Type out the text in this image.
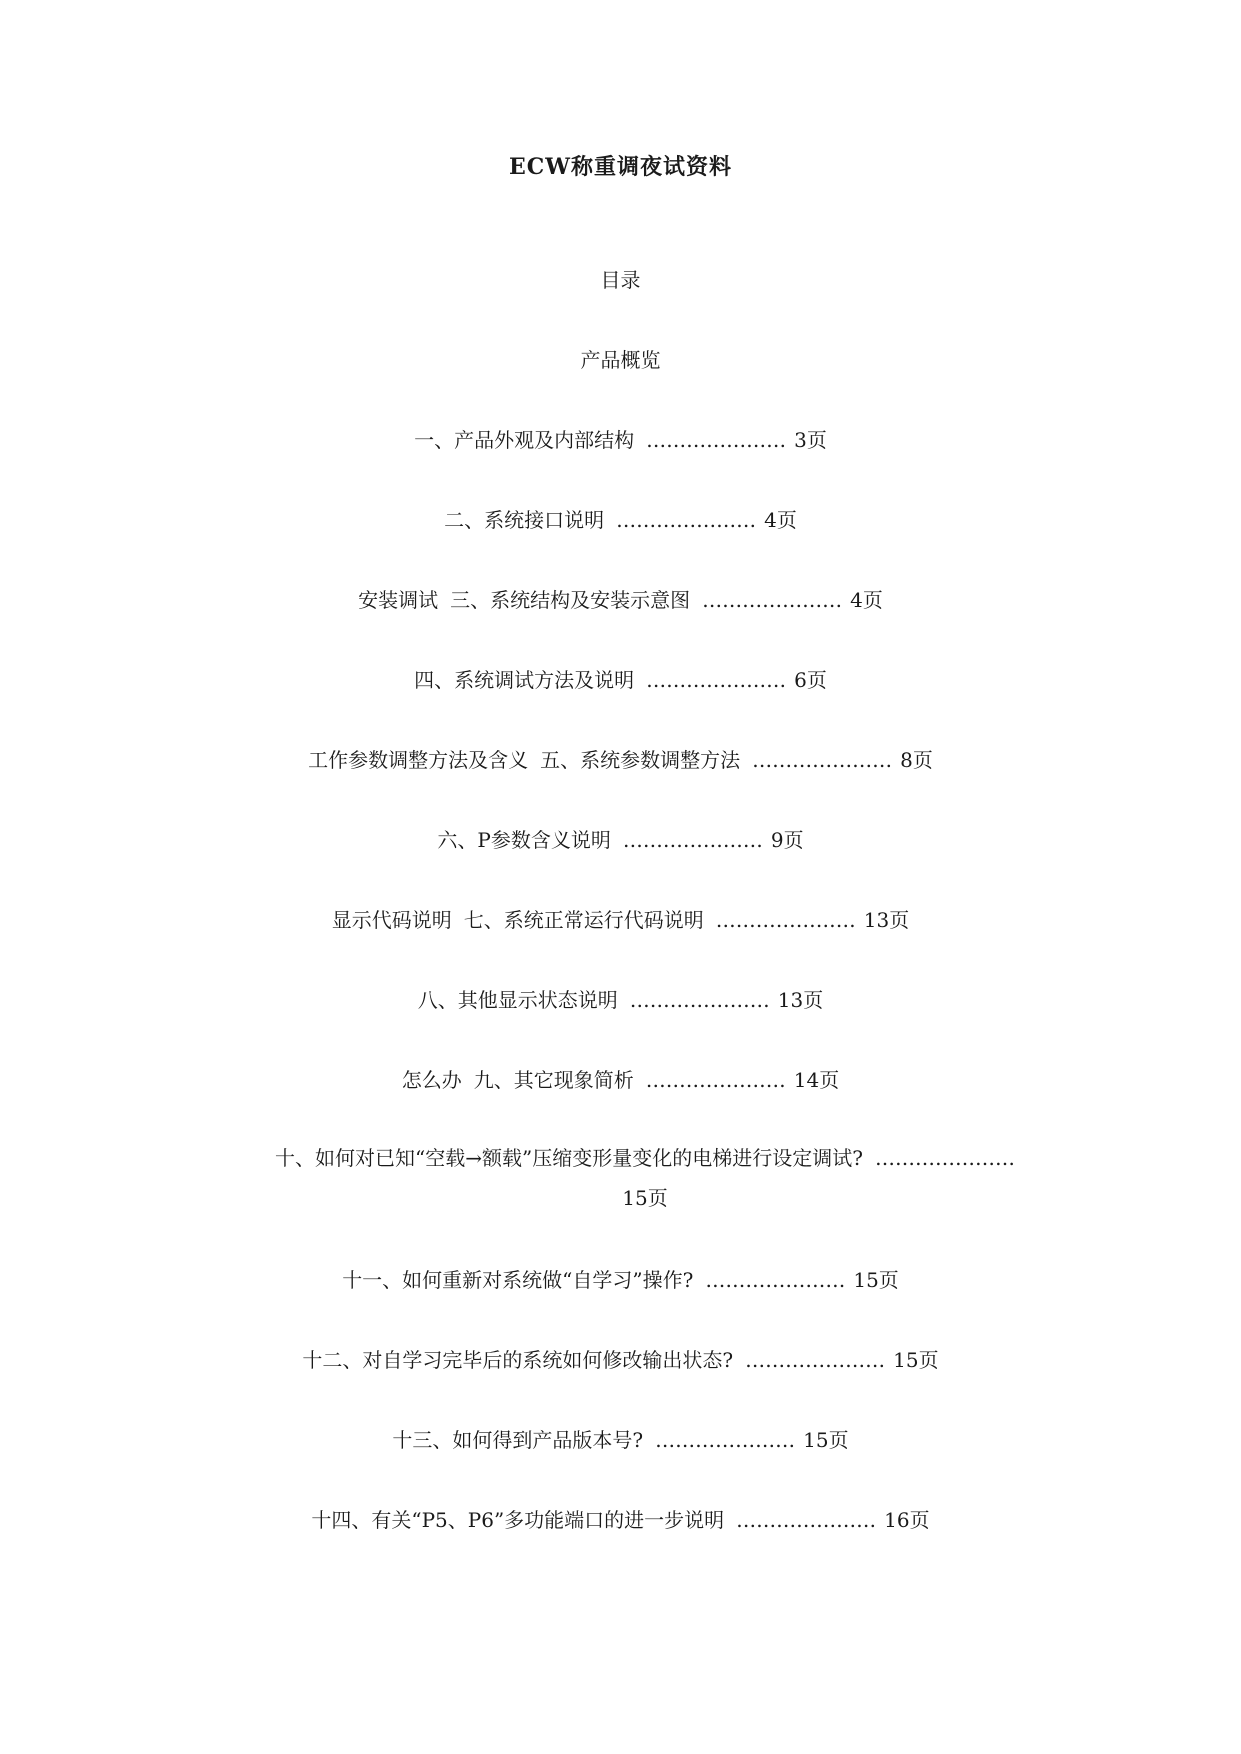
ECW称重调夜试资料
目录
产品概览
一、产品外观及内部结构 ………………… 3页
二、系统接口说明 ………………… 4页
安装调试 三、系统结构及安装示意图 ………………… 4页
四、系统调试方法及说明 ………………… 6页
工作参数调整方法及含义 五、系统参数调整方法 ………………… 8页
六、P参数含义说明 ………………… 9页
显示代码说明 七、系统正常运行代码说明 ………………… 13页
八、其他显示状态说明 ………………… 13页
怎么办 九、其它现象简析 ………………… 14页
十、如何对已知“空载→额载”压缩变形量变化的电梯进行设定调试? …………………
15页
十一、如何重新对系统做“自学习”操作? ………………… 15页
十二、对自学习完毕后的系统如何修改输出状态? ………………… 15页
十三、如何得到产品版本号? ………………… 15页
十四、有关“P5、P6”多功能端口的进一步说明 ………………… 16页
